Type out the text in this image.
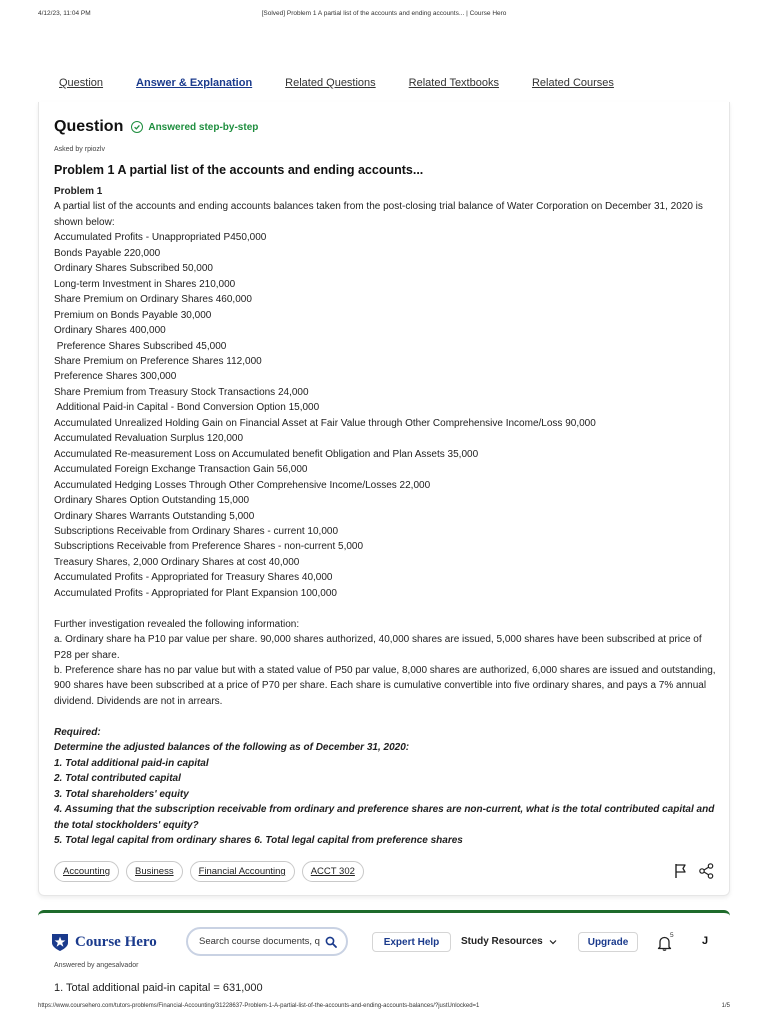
4/12/23, 11:04 PM	[Solved] Problem 1 A partial list of the accounts and ending accounts... | Course Hero
Question	Answer & Explanation	Related Questions	Related Textbooks	Related Courses
Question	Answered step-by-step
Asked by rpiozlv
Problem 1 A partial list of the accounts and ending accounts...
Problem 1
A partial list of the accounts and ending accounts balances taken from the post-closing trial balance of Water Corporation on December 31, 2020 is shown below:
Accumulated Profits - Unappropriated P450,000
Bonds Payable 220,000
Ordinary Shares Subscribed 50,000
Long-term Investment in Shares 210,000
Share Premium on Ordinary Shares 460,000
Premium on Bonds Payable 30,000
Ordinary Shares 400,000
Preference Shares Subscribed 45,000
Share Premium on Preference Shares 112,000
Preference Shares 300,000
Share Premium from Treasury Stock Transactions 24,000
Additional Paid-in Capital - Bond Conversion Option 15,000
Accumulated Unrealized Holding Gain on Financial Asset at Fair Value through Other Comprehensive Income/Loss 90,000
Accumulated Revaluation Surplus 120,000
Accumulated Re-measurement Loss on Accumulated benefit Obligation and Plan Assets 35,000
Accumulated Foreign Exchange Transaction Gain 56,000
Accumulated Hedging Losses Through Other Comprehensive Income/Losses 22,000
Ordinary Shares Option Outstanding 15,000
Ordinary Shares Warrants Outstanding 5,000
Subscriptions Receivable from Ordinary Shares - current 10,000
Subscriptions Receivable from Preference Shares - non-current 5,000
Treasury Shares, 2,000 Ordinary Shares at cost 40,000
Accumulated Profits - Appropriated for Treasury Shares 40,000
Accumulated Profits - Appropriated for Plant Expansion 100,000
Further investigation revealed the following information:
a. Ordinary share ha P10 par value per share. 90,000 shares authorized, 40,000 shares are issued, 5,000 shares have been subscribed at price of P28 per share.
b. Preference share has no par value but with a stated value of P50 par value, 8,000 shares are authorized, 6,000 shares are issued and outstanding, 900 shares have been subscribed at a price of P70 per share. Each share is cumulative convertible into five ordinary shares, and pays a 7% annual dividend. Dividends are not in arrears.
Required:
Determine the adjusted balances of the following as of December 31, 2020:
1. Total additional paid-in capital
2. Total contributed capital
3. Total shareholders' equity
4. Assuming that the subscription receivable from ordinary and preference shares are non-current, what is the total contributed capital and the total stockholders' equity?
5. Total legal capital from ordinary shares 6. Total legal capital from preference shares
Accounting	Business	Financial Accounting	ACCT 302
Course Hero
Search course documents, q	Expert Help	Study Resources	Upgrade
5	J
Answered by angesalvador
1. Total additional paid-in capital = 631,000
https://www.coursehero.com/tutors-problems/Financial-Accounting/31228637-Problem-1-A-partial-list-of-the-accounts-and-ending-accounts-balances/?justUnlocked=1	1/5
